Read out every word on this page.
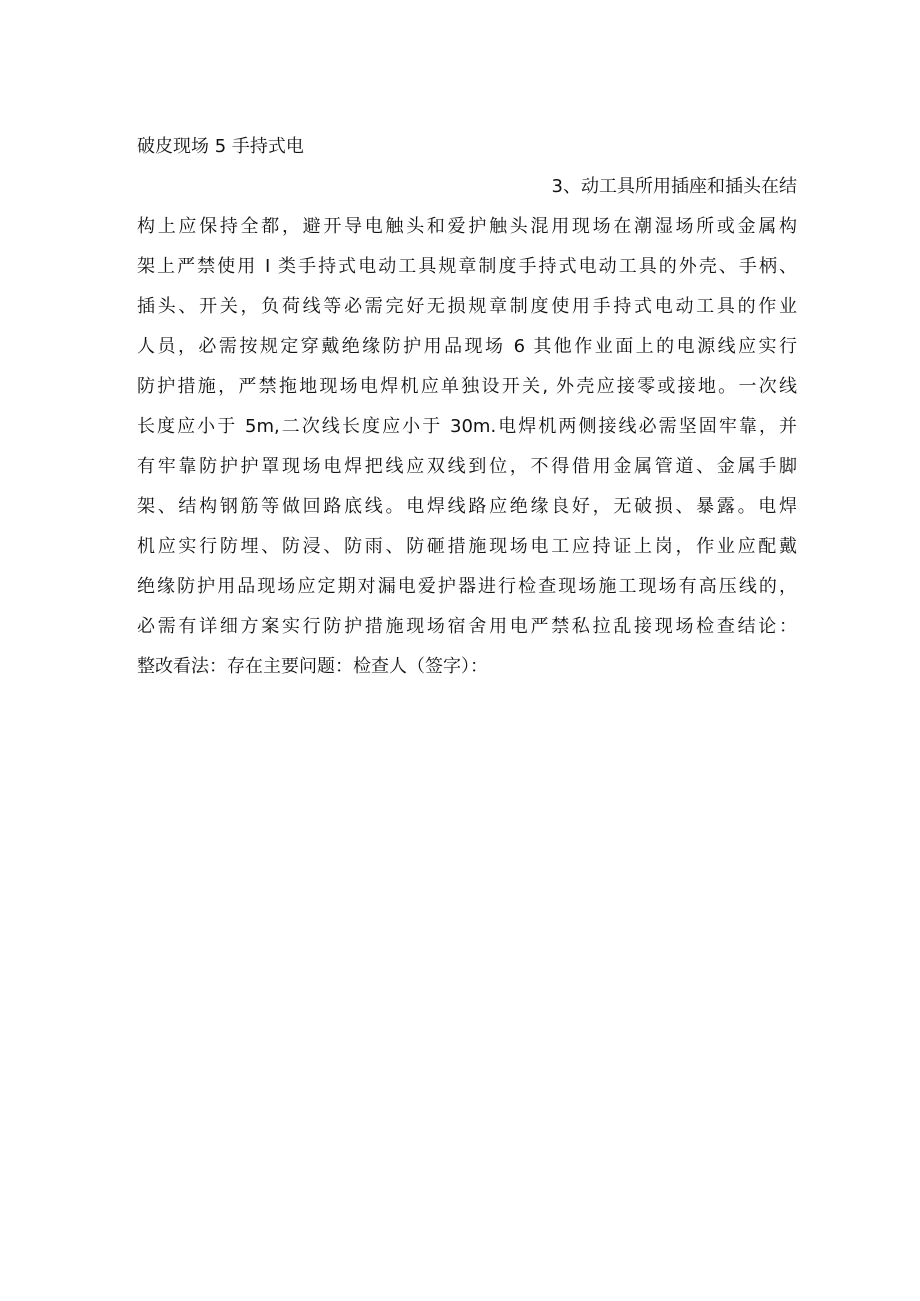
破皮现场 5 手持式电
3、动工具所用插座和插头在结
构上应保持全都，避开导电触头和爱护触头混用现场在潮湿场所或金属构
架上严禁使用 I 类手持式电动工具规章制度手持式电动工具的外壳、手柄、
插头、开关，负荷线等必需完好无损规章制度使用手持式电动工具的作业
人员，必需按规定穿戴绝缘防护用品现场 6 其他作业面上的电源线应实行
防护措施，严禁拖地现场电焊机应单独设开关, 外壳应接零或接地。一次线
长度应小于 5m,二次线长度应小于 30m.电焊机两侧接线必需坚固牢靠，并
有牢靠防护护罩现场电焊把线应双线到位，不得借用金属管道、金属手脚
架、结构钢筋等做回路底线。电焊线路应绝缘良好，无破损、暴露。电焊
机应实行防埋、防浸、防雨、防砸措施现场电工应持证上岗，作业应配戴
绝缘防护用品现场应定期对漏电爱护器进行检查现场施工现场有高压线的，
必需有详细方案实行防护措施现场宿舍用电严禁私拉乱接现场检查结论：
整改看法：存在主要问题：检查人（签字）：
